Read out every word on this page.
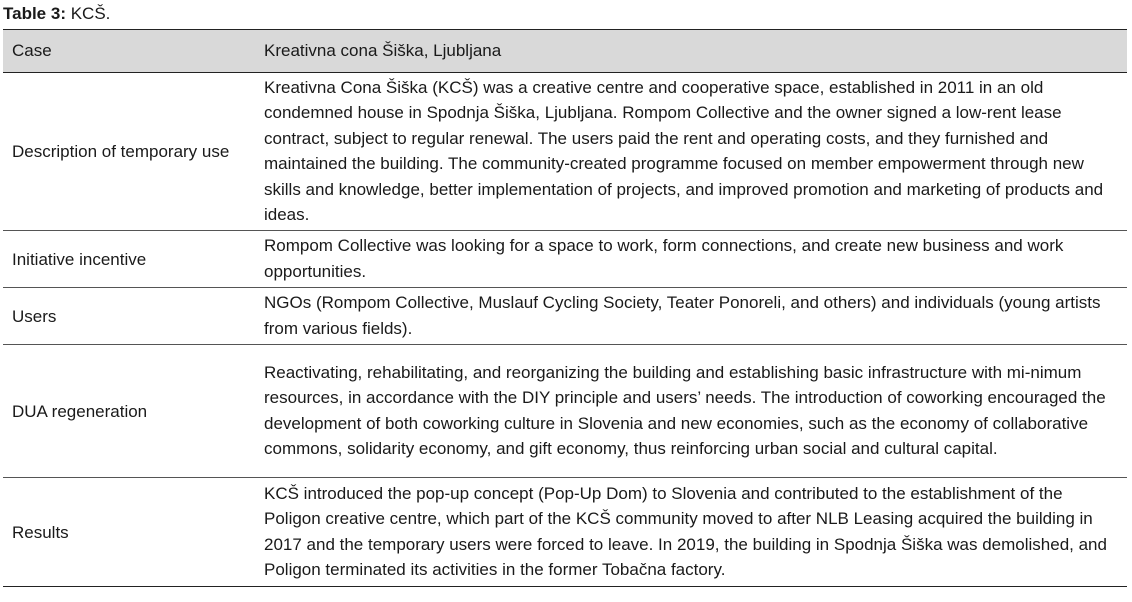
Table 3: KCŠ.
Case	Kreativna cona Šiška, Ljubljana
Description of temporary use	Kreativna Cona Šiška (KCŠ) was a creative centre and cooperative space, established in 2011 in an old condemned house in Spodnja Šiška, Ljubljana. Rompom Collective and the owner signed a low-rent lease contract, subject to regular renewal. The users paid the rent and operating costs, and they furnished and maintained the building. The community-created programme focused on member empowerment through new skills and knowledge, better implementation of projects, and improved promotion and marketing of products and ideas.
Initiative incentive	Rompom Collective was looking for a space to work, form connections, and create new business and work opportunities.
Users	NGOs (Rompom Collective, Muslauf Cycling Society, Teater Ponoreli, and others) and individuals (young artists from various fields).
DUA regeneration	Reactivating, rehabilitating, and reorganizing the building and establishing basic infrastructure with mi-nimum resources, in accordance with the DIY principle and users’ needs. The introduction of coworking encouraged the development of both coworking culture in Slovenia and new economies, such as the economy of collaborative commons, solidarity economy, and gift economy, thus reinforcing urban social and cultural capital.
Results	KCŠ introduced the pop-up concept (Pop-Up Dom) to Slovenia and contributed to the establishment of the Poligon creative centre, which part of the KCŠ community moved to after NLB Leasing acquired the building in 2017 and the temporary users were forced to leave. In 2019, the building in Spodnja Šiška was demolished, and Poligon terminated its activities in the former Tobačna factory.
